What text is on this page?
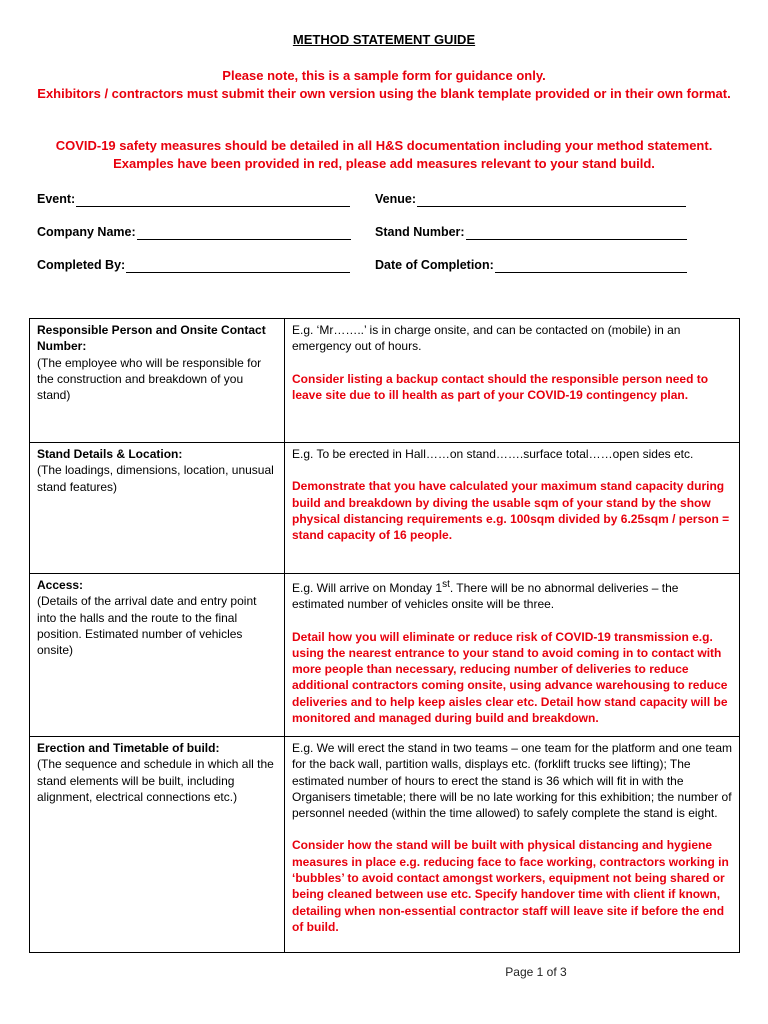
METHOD STATEMENT GUIDE
Please note, this is a sample form for guidance only.
Exhibitors / contractors must submit their own version using the blank template provided or in their own format.
COVID-19 safety measures should be detailed in all H&S documentation including your method statement.
Examples have been provided in red, please add measures relevant to your stand build.
Event:	Venue:
Company Name:	Stand Number:
Completed By:	Date of Completion:
Responsible Person and Onsite Contact Number:
(The employee who will be responsible for the construction and breakdown of you stand)	E.g. ‘Mr……..’ is in charge onsite, and can be contacted on (mobile) in an emergency out of hours.
Consider listing a backup contact should the responsible person need to leave site due to ill health as part of your COVID-19 contingency plan.

Stand Details & Location:
(The loadings, dimensions, location, unusual stand features)	E.g. To be erected in Hall……on stand…….surface total……open sides etc.
Demonstrate that you have calculated your maximum stand capacity during build and breakdown by diving the usable sqm of your stand by the show physical distancing requirements e.g. 100sqm divided by 6.25sqm / person = stand capacity of 16 people.

Access:
(Details of the arrival date and entry point into the halls and the route to the final position. Estimated number of vehicles onsite)	E.g. Will arrive on Monday 1st. There will be no abnormal deliveries – the estimated number of vehicles onsite will be three.
Detail how you will eliminate or reduce risk of COVID-19 transmission e.g. using the nearest entrance to your stand to avoid coming in to contact with more people than necessary, reducing number of deliveries to reduce additional contractors coming onsite, using advance warehousing to reduce deliveries and to help keep aisles clear etc. Detail how stand capacity will be monitored and managed during build and breakdown.

Erection and Timetable of build:
(The sequence and schedule in which all the stand elements will be built, including alignment, electrical connections etc.)	E.g. We will erect the stand in two teams – one team for the platform and one team for the back wall, partition walls, displays etc. (forklift trucks see lifting); The estimated number of hours to erect the stand is 36 which will fit in with the Organisers timetable; there will be no late working for this exhibition; the number of personnel needed (within the time allowed) to safely complete the stand is eight.
Consider how the stand will be built with physical distancing and hygiene measures in place e.g. reducing face to face working, contractors working in ‘bubbles’ to avoid contact amongst workers, equipment not being shared or being cleaned between use etc. Specify handover time with client if known, detailing when non-essential contractor staff will leave site if before the end of build.
Page 1 of 3
